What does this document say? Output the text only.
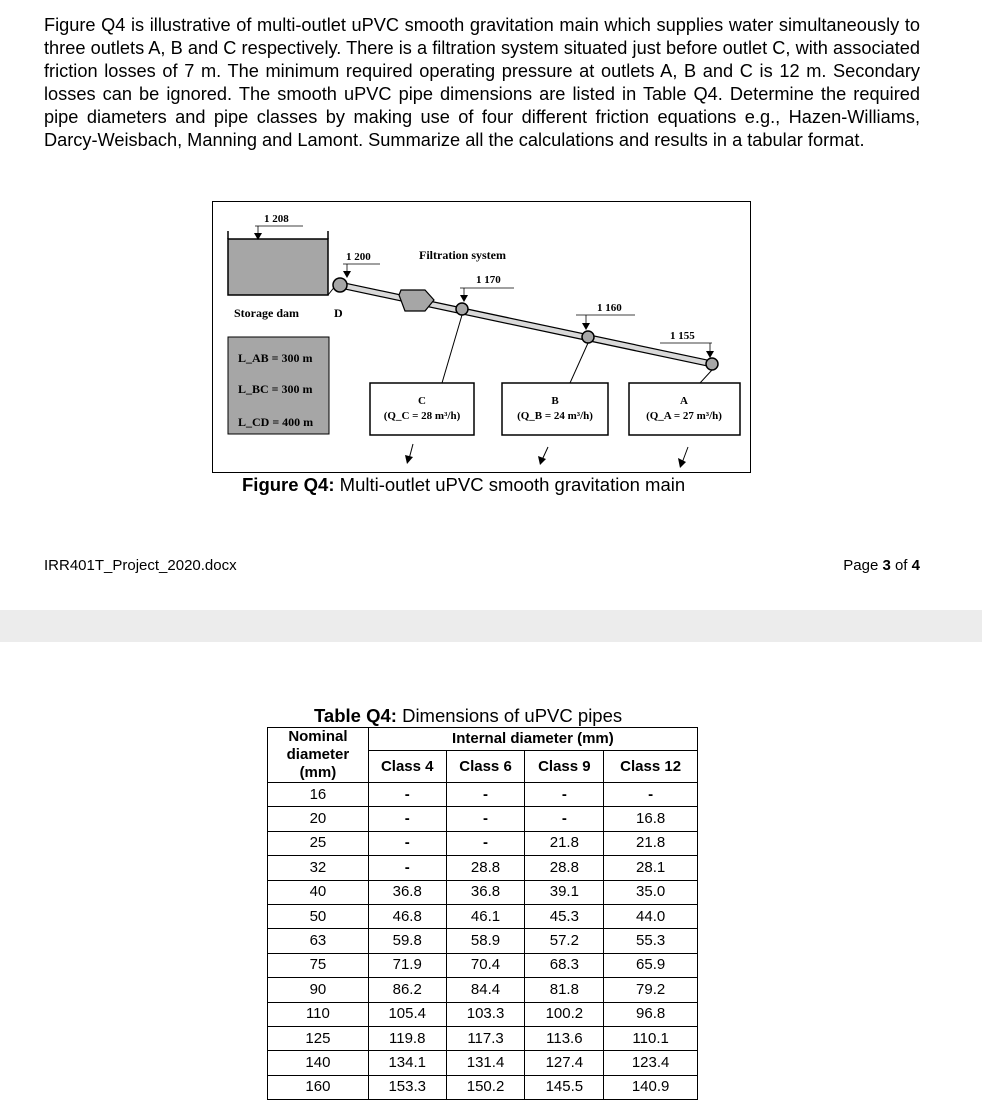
Figure Q4 is illustrative of multi-outlet uPVC smooth gravitation main which supplies water simultaneously to three outlets A, B and C respectively. There is a filtration system situated just before outlet C, with associated friction losses of 7 m. The minimum required operating pressure at outlets A, B and C is 12 m. Secondary losses can be ignored. The smooth uPVC pipe dimensions are listed in Table Q4. Determine the required pipe diameters and pipe classes by making use of four different friction equations e.g., Hazen-Williams, Darcy-Weisbach, Manning and Lamont. Summarize all the calculations and results in a tabular format.
1 208
1 200
D
Filtration system
1 170
1 160
1 155
Storage dam
L_AB = 300 m
L_BC = 300 m
L_CD = 400 m
C
(Q_C = 28 m³/h)
B
(Q_B = 24 m³/h)
A
(Q_A = 27 m³/h)
Figure Q4: Multi-outlet uPVC smooth gravitation main
IRR401T_Project_2020.docx	Page 3 of 4
Table Q4: Dimensions of uPVC pipes
Nominal diameter (mm)	Internal diameter (mm)			
	Class 4	Class 6	Class 9	Class 12
16	-	-	-	-
20	-	-	-	16.8
25	-	-	21.8	21.8
32	-	28.8	28.8	28.1
40	36.8	36.8	39.1	35.0
50	46.8	46.1	45.3	44.0
63	59.8	58.9	57.2	55.3
75	71.9	70.4	68.3	65.9
90	86.2	84.4	81.8	79.2
110	105.4	103.3	100.2	96.8
125	119.8	117.3	113.6	110.1
140	134.1	131.4	127.4	123.4
160	153.3	150.2	145.5	140.9
